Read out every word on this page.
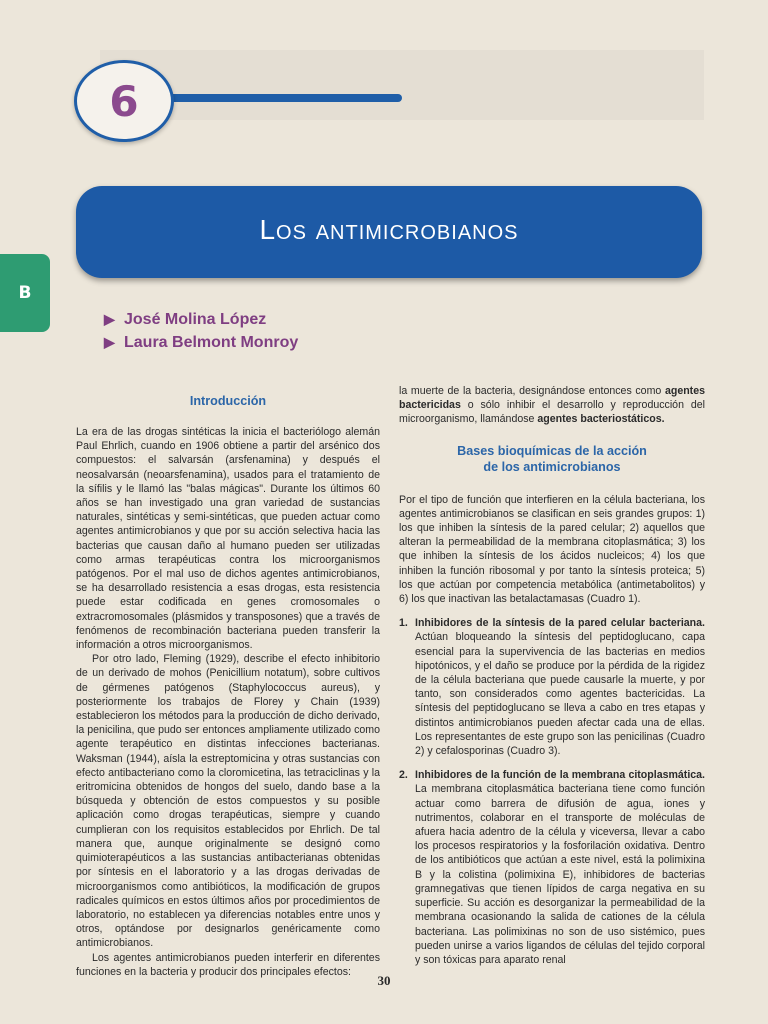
6
Los antimicrobianos
B
▶ José Molina López
▶ Laura Belmont Monroy

Introducción

La era de las drogas sintéticas la inicia el bacteriólogo alemán Paul Ehrlich, cuando en 1906 obtiene a partir del arsénico dos compuestos: el salvarsán (arsfenamina) y después el neosalvarsán (neoarsfenamina), usados para el tratamiento de la sífilis y le llamó las "balas mágicas". Durante los últimos 60 años se han investigado una gran variedad de sustancias naturales, sintéticas y semi-sintéticas, que pueden actuar como agentes antimicrobianos y que por su acción selectiva hacia las bacterias que causan daño al humano pueden ser utilizadas como armas terapéuticas contra los microorganismos patógenos. Por el mal uso de dichos agentes antimicrobianos, se ha desarrollado resistencia a esas drogas, esta resistencia puede estar codificada en genes cromosomales o extracromosomales (plásmidos y transposones) que a través de fenómenos de recombinación bacteriana pueden transferir la información a otros microorganismos.

Por otro lado, Fleming (1929), describe el efecto inhibitorio de un derivado de mohos (Penicillium notatum), sobre cultivos de gérmenes patógenos (Staphylococcus aureus), y posteriormente los trabajos de Florey y Chain (1939) establecieron los métodos para la producción de dicho derivado, la penicilina, que pudo ser entonces ampliamente utilizado como agente terapéutico en distintas infecciones bacterianas. Waksman (1944), aísla la estreptomicina y otras sustancias con efecto antibacteriano como la cloromicetina, las tetraciclinas y la eritromicina obtenidos de hongos del suelo, dando base a la búsqueda y obtención de estos compuestos y su posible aplicación como drogas terapéuticas, siempre y cuando cumplieran con los requisitos establecidos por Ehrlich. De tal manera que, aunque originalmente se designó como quimioterapéuticos a las sustancias antibacterianas obtenidas por síntesis en el laboratorio y a las drogas derivadas de microorganismos como antibióticos, la modificación de grupos radicales químicos en estos últimos años por procedimientos de laboratorio, no establecen ya diferencias notables entre unos y otros, optándose por designarlos genéricamente como antimicrobianos.

Los agentes antimicrobianos pueden interferir en diferentes funciones en la bacteria y producir dos principales efectos:

la muerte de la bacteria, designándose entonces como agentes bactericidas o sólo inhibir el desarrollo y reproducción del microorganismo, llamándose agentes bacteriostáticos.

Bases bioquímicas de la acción
de los antimicrobianos

Por el tipo de función que interfieren en la célula bacteriana, los agentes antimicrobianos se clasifican en seis grandes grupos: 1) los que inhiben la síntesis de la pared celular; 2) aquellos que alteran la permeabilidad de la membrana citoplasmática; 3) los que inhiben la síntesis de los ácidos nucleicos; 4) los que inhiben la función ribosomal y por tanto la síntesis proteica; 5) los que actúan por competencia metabólica (antimetabolitos) y 6) los que inactivan las betalactamasas (Cuadro 1).

1. Inhibidores de la síntesis de la pared celular bacteriana. Actúan bloqueando la síntesis del peptidoglucano, capa esencial para la supervivencia de las bacterias en medios hipotónicos, y el daño se produce por la pérdida de la rigidez de la célula bacteriana que puede causarle la muerte, y por tanto, son considerados como agentes bactericidas. La síntesis del peptidoglucano se lleva a cabo en tres etapas y distintos antimicrobianos pueden afectar cada una de ellas. Los representantes de este grupo son las penicilinas (Cuadro 2) y cefalosporinas (Cuadro 3).
2. Inhibidores de la función de la membrana citoplasmática. La membrana citoplasmática bacteriana tiene como función actuar como barrera de difusión de agua, iones y nutrimentos, colaborar en el transporte de moléculas de afuera hacia adentro de la célula y viceversa, llevar a cabo los procesos respiratorios y la fosforilación oxidativa. Dentro de los antibióticos que actúan a este nivel, está la polimixina B y la colistina (polimixina E), inhibidores de bacterias gramnegativas que tienen lípidos de carga negativa en su superficie. Su acción es desorganizar la permeabilidad de la membrana ocasionando la salida de cationes de la célula bacteriana. Las polimixinas no son de uso sistémico, pues pueden unirse a varios ligandos de células del tejido corporal y son tóxicas para aparato renal
30
